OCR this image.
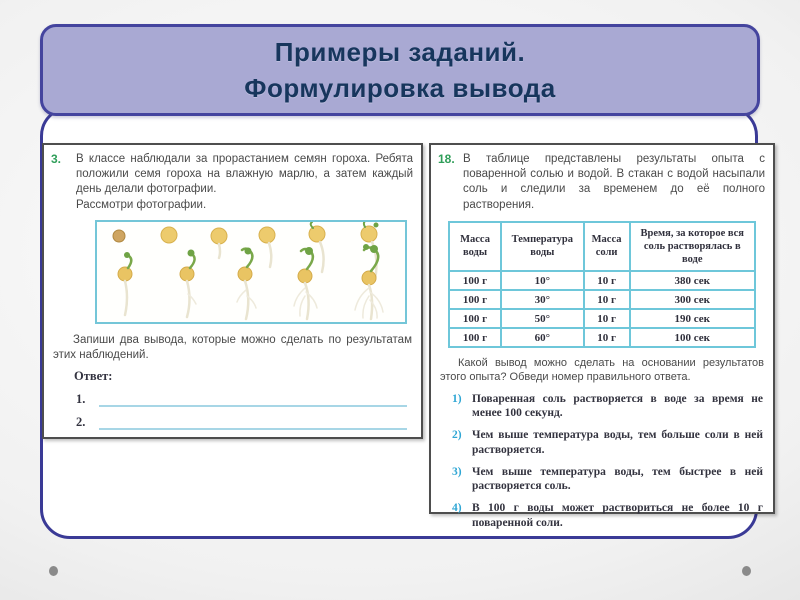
Примеры заданий.
Формулировка вывода
3.	В классе наблюдали за прорастанием семян гороха. Ребята положили семя гороха на влажную марлю, а затем каждый день делали фотографии.
Рассмотри фотографии.
Запиши два вывода, которые можно сделать по результатам этих наблюдений.
Ответ:
1.
2.
18. В таблице представлены результаты опыта с поваренной солью и водой. В стакан с водой насыпали соль и следили за временем до её полного растворения.
Масса воды	Температура воды	Масса соли	Время, за которое вся соль растворялась в воде
100 г	10°	10 г	380 сек
100 г	30°	10 г	300 сек
100 г	50°	10 г	190 сек
100 г	60°	10 г	100 сек
Какой вывод можно сделать на основании результатов этого опыта? Обведи номер правильного ответа.
1) Поваренная соль растворяется в воде за время не менее 100 секунд.
2) Чем выше температура воды, тем больше соли в ней растворяется.
3) Чем выше температура воды, тем быстрее в ней растворяется соль.
4) В 100 г воды может раствориться не более 10 г поваренной соли.
